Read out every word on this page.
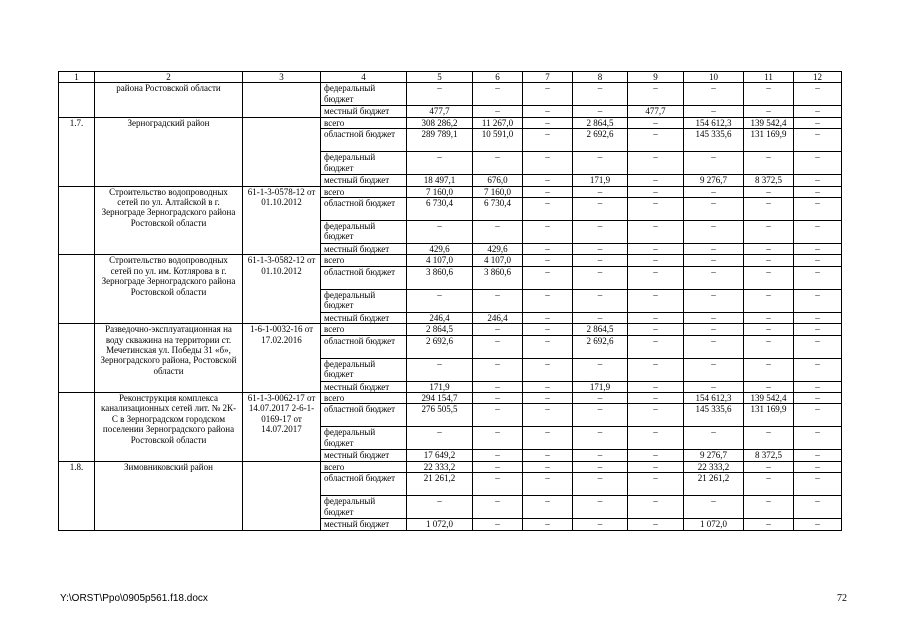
1	2	3	4	5	6	7	8	9	10	11	12
	района Ростовской области		федеральный бюджет	–	–	–	–	–	–	–	–
			местный бюджет	477,7	–	–	–	477,7	–	–	–
1.7.	Зерноградский район		всего	308 286,2	11 267,0	–	2 864,5	–	154 612,3	139 542,4	–
			областной бюджет	289 789,1	10 591,0	–	2 692,6	–	145 335,6	131 169,9	–
			федеральный бюджет	–	–	–	–	–	–	–	–
			местный бюджет	18 497,1	676,0	–	171,9	–	9 276,7	8 372,5	–
	Строительство водопроводных сетей по ул. Алтайской в г. Зернограде Зерноградского района Ростовской области	61-1-3-0578-12 от 01.10.2012	всего	7 160,0	7 160,0	–	–	–	–	–	–
			областной бюджет	6 730,4	6 730,4	–	–	–	–	–	–
			федеральный бюджет	–	–	–	–	–	–	–	–
			местный бюджет	429,6	429,6	–	–	–	–	–	–
	Строительство водопроводных сетей по ул. им. Котлярова в г. Зернограде Зерноградского района Ростовской области	61-1-3-0582-12 от 01.10.2012	всего	4 107,0	4 107,0	–	–	–	–	–	–
			областной бюджет	3 860,6	3 860,6	–	–	–	–	–	–
			федеральный бюджет	–	–	–	–	–	–	–	–
			местный бюджет	246,4	246,4	–	–	–	–	–	–
	Разведочно-эксплуатационная на воду скважина на территории ст. Мечетинская ул. Победы 31 «б», Зерноградского района, Ростовской области	1-6-1-0032-16 от 17.02.2016	всего	2 864,5	–	–	2 864,5	–	–	–	–
			областной бюджет	2 692,6	–	–	2 692,6	–	–	–	–
			федеральный бюджет	–	–	–	–	–	–	–	–
			местный бюджет	171,9	–	–	171,9	–	–	–	–
	Реконструкция комплекса канализационных сетей лит. № 2К-С в Зерноградском городском поселении Зерноградского района Ростовской области	61-1-3-0062-17 от 14.07.2017 2-6-1-0169-17 от 14.07.2017	всего	294 154,7	–	–	–	–	154 612,3	139 542,4	–
			областной бюджет	276 505,5	–	–	–	–	145 335,6	131 169,9	–
			федеральный бюджет	–	–	–	–	–	–	–	–
			местный бюджет	17 649,2	–	–	–	–	9 276,7	8 372,5	–
1.8.	Зимовниковский район		всего	22 333,2	–	–	–	–	22 333,2	–	–
			областной бюджет	21 261,2	–	–	–	–	21 261,2	–	–
			федеральный бюджет	–	–	–	–	–	–	–	–
			местный бюджет	1 072,0	–	–	–	–	1 072,0	–	–
Y:\ORST\Ppo\0905p561.f18.docx	72
